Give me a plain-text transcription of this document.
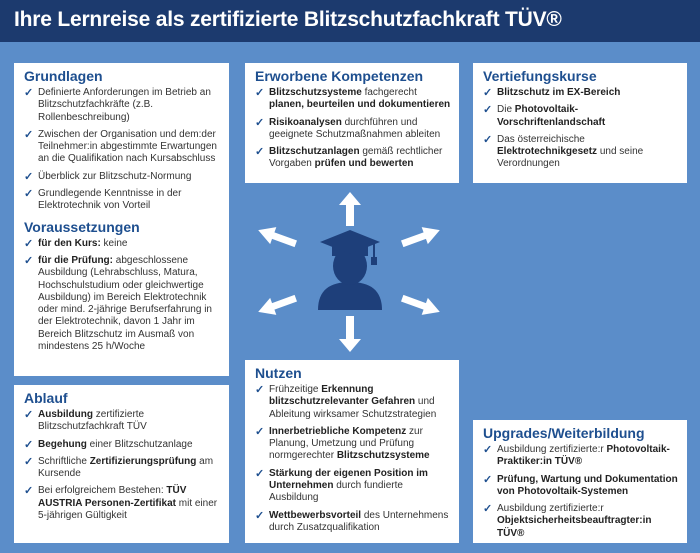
Ihre Lernreise als zertifizierte Blitzschutzfachkraft TÜV®
Grundlagen
✓ Definierte Anforderungen im Betrieb an Blitzschutzfachkräfte (z.B. Rollenbeschreibung)
✓ Zwischen der Organisation und dem:der Teilnehmer:in abgestimmte Erwartungen an die Qualifikation nach Kursabschluss
✓ Überblick zur Blitzschutz-Normung
✓ Grundlegende Kenntnisse in der Elektrotechnik von Vorteil
Voraussetzungen
✓ für den Kurs: keine
✓ für die Prüfung: abgeschlossene Ausbildung (Lehrabschluss, Matura, Hochschulstudium oder gleichwertige Ausbildung) im Bereich Elektrotechnik oder mind. 2-jährige Berufserfahrung in der Elektrotechnik, davon 1 Jahr im Bereich Blitzschutz im Ausmaß von mindestens 25 h/Woche
Ablauf
✓ Ausbildung zertifizierte Blitzschutzfachkraft TÜV
✓ Begehung einer Blitzschutzanlage
✓ Schriftliche Zertifizierungsprüfung am Kursende
✓ Bei erfolgreichem Bestehen: TÜV AUSTRIA Personen-Zertifikat mit einer 5-jährigen Gültigkeit
Erworbene Kompetenzen
✓ Blitzschutzsysteme fachgerecht planen, beurteilen und dokumentieren
✓ Risikoanalysen durchführen und geeignete Schutzmaßnahmen ableiten
✓ Blitzschutzanlagen gemäß rechtlicher Vorgaben prüfen und bewerten
Vertiefungskurse
✓ Blitzschutz im EX-Bereich
✓ Die Photovoltaik-Vorschriftenlandschaft
✓ Das österreichische Elektrotechnikgesetz und seine Verordnungen
Nutzen
✓ Frühzeitige Erkennung blitzschutzrelevanter Gefahren und Ableitung wirksamer Schutzstrategien
✓ Innerbetriebliche Kompetenz zur Planung, Umetzung und Prüfung normgerechter Blitzschutzsysteme
✓ Stärkung der eigenen Position im Unternehmen durch fundierte Ausbildung
✓ Wettbewerbsvorteil des Unternehmens durch Zusatzqualifikation
Upgrades/Weiterbildung
✓ Ausbildung zertifizierte:r Photovoltaik-Praktiker:in TÜV®
✓ Prüfung, Wartung und Dokumentation von Photovoltaik-Systemen
✓ Ausbildung zertifizierte:r Objektsicherheitsbeauftragter:in TÜV®
